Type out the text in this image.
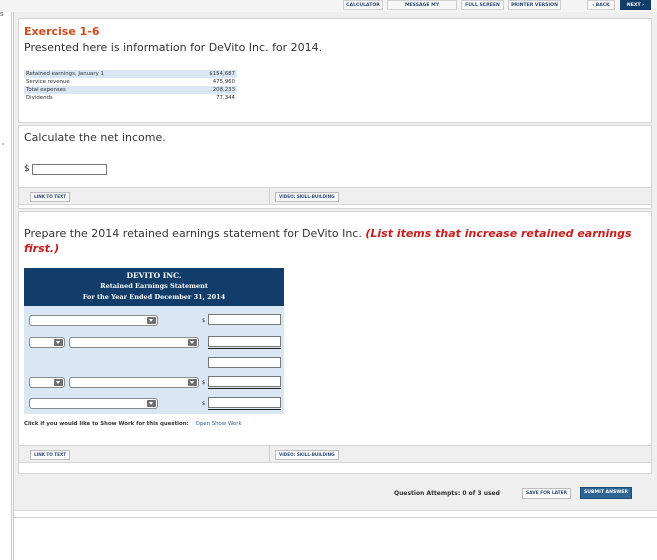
CALCULATOR	MESSAGE MY	FULL SCREEN	PRINTER VERSION	‹ BACK	NEXT ›
s
Exercise 1-6
Presented here is information for DeVito Inc. for 2014.
Retained earnings, January 1	$154,687
Service revenue	475,960
Total expenses	208,233
Dividends	77,344
Calculate the net income.
$
LINK TO TEXT	VIDEO: SKILL-BUILDING
Prepare the 2014 retained earnings statement for DeVito Inc. (List items that increase retained earnings first.)
DEVITO INC.
Retained Earnings Statement
For the Year Ended December 31, 2014
$
$
$
Click if you would like to Show Work for this question: Open Show Work
LINK TO TEXT	VIDEO: SKILL-BUILDING
Question Attempts: 0 of 3 used	SAVE FOR LATER	SUBMIT ANSWER
